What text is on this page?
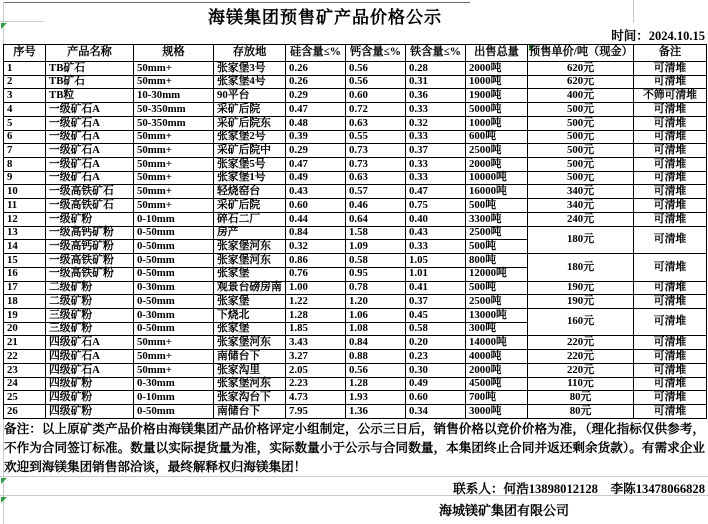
海镁集团预售矿产品价格公示
时间：2024.10.15
序号	产品名称	规格	存放地	硅含量≤%	钙含量≤%	铁含量≤%	出售总量	预售单价/吨（现金）	备注
1	TB矿石	50mm+	张家堡3号	0.26	0.56	0.28	2000吨	620元	可清堆
2	TB矿石	50mm+	张家堡4号	0.26	0.56	0.31	1000吨	620元	可清堆
3	TB粒	10-30mm	90平台	0.29	0.60	0.36	1900吨	400元	不筛可清堆
4	一级矿石A	50-350mm	采矿后院	0.47	0.72	0.33	5000吨	500元	可清堆
5	一级矿石A	50-350mm	采矿后院东	0.48	0.63	0.32	1000吨	500元	可清堆
6	一级矿石A	50mm+	张家堡2号	0.39	0.55	0.33	600吨	500元	可清堆
7	一级矿石A	50mm+	采矿后院中	0.29	0.73	0.37	2500吨	500元	可清堆
8	一级矿石A	50mm+	张家堡5号	0.47	0.73	0.33	2000吨	500元	可清堆
9	一级矿石A	50mm+	张家堡1号	0.49	0.63	0.33	10000吨	500元	可清堆
10	一级高铁矿石	50mm+	轻烧窑台	0.43	0.57	0.47	16000吨	340元	可清堆
11	一级高铁矿石	50mm+	采矿后院	0.60	0.46	0.75	500吨	340元	可清堆
12	一级矿粉	0-10mm	碎石二厂	0.44	0.64	0.40	3300吨	240元	可清堆
13	一级高钙矿粉	0-50mm	房产	0.84	1.58	0.43	2500吨	180元	可清堆
14	一级高钙矿粉	0-50mm	张家堡河东	0.32	1.09	0.33	500吨		
15	一级高铁矿粉	0-50mm	张家堡河东	0.86	0.58	1.05	800吨	180元	可清堆
16	一级高铁矿粉	0-50mm	张家堡	0.76	0.95	1.01	12000吨		
17	二级矿粉	0-30mm	观景台磅房南	1.00	0.78	0.41	500吨	190元	可清堆
18	二级矿粉	0-50mm	张家堡	1.22	1.20	0.37	2500吨	190元	可清堆
19	三级矿粉	0-30mm	下烧北	1.28	1.06	0.45	13000吨	160元	可清堆
20	三级矿粉	0-50mm	张家堡	1.85	1.08	0.58	300吨		
21	四级矿石A	50mm+	张家堡河东	3.43	0.84	0.20	14000吨	220元	可清堆
22	四级矿石A	50mm+	南储台下	3.27	0.88	0.23	4000吨	220元	可清堆
23	四级矿石A	50mm+	张家沟里	2.05	0.56	0.30	2000吨	220元	可清堆
24	四级矿粉	0-30mm	张家堡河东	2.23	1.28	0.49	4500吨	110元	可清堆
25	四级矿粉	0-10mm	张家沟台下	4.73	1.93	0.60	700吨	80元	可清堆
26	四级矿粉	0-50mm	南储台下	7.95	1.36	0.34	3000吨	80元	可清堆
备注：以上原矿类产品价格由海镁集团产品价格评定小组制定，公示三日后，销售价格以竞价价格为准，（理化指标仅供参考，不作为合同签订标准。数量以实际提货量为准，实际数量小于公示与合同数量，本集团终止合同并返还剩余货款）。有需求企业欢迎到海镁集团销售部洽谈，最终解释权归海镁集团！
联系人：何浩13898012128　李陈13478066828
海城镁矿集团有限公司
